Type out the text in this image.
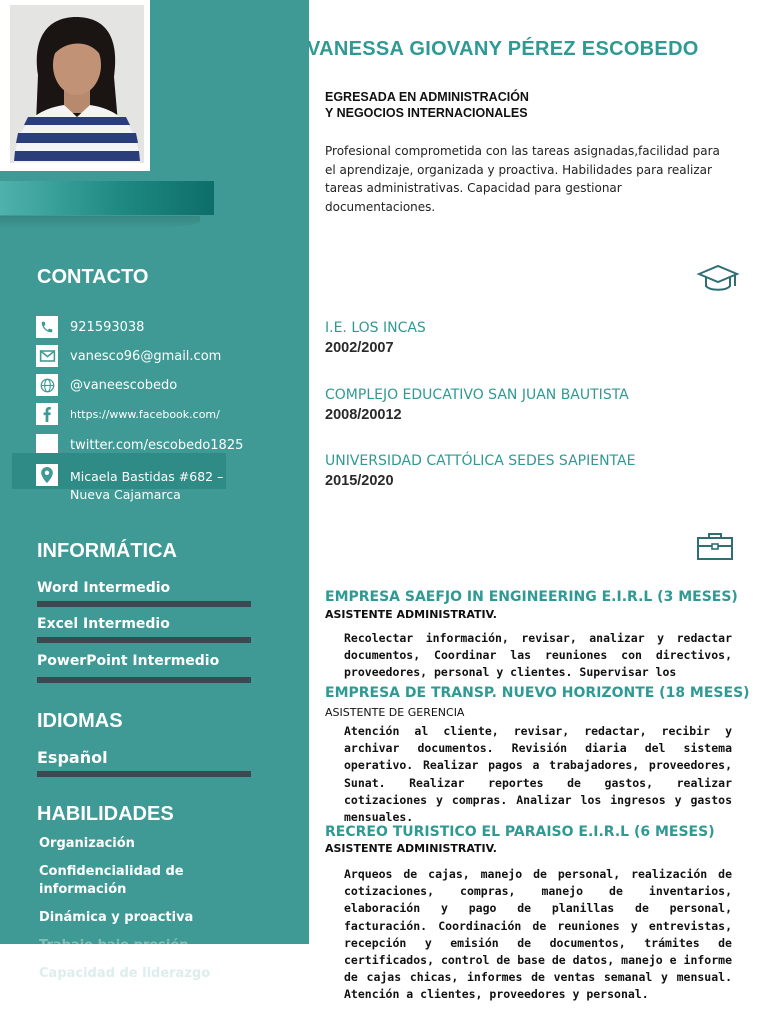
CONTACTO
921593038
vanesco96@gmail.com
@vaneescobedo
https://www.facebook.com/
twitter.com/escobedo1825
Micaela Bastidas #682 –
Nueva Cajamarca
INFORMÁTICA

Word Intermedio

Excel Intermedio

PowerPoint Intermedio

IDIOMAS

Español

HABILIDADES

Organización

Confidencialidad de información

Dinámica y proactiva

Trabajo bajo presión

Capacidad de liderazgo

VANESSA GIOVANY PÉREZ ESCOBEDO
EGRESADA EN ADMINISTRACIÓN
Y NEGOCIOS INTERNACIONALES

Profesional comprometida con las tareas asignadas,facilidad para el aprendizaje, organizada y proactiva. Habilidades para realizar tareas administrativas. Capacidad para gestionar documentaciones.

I.E. LOS INCAS

2002/2007

COMPLEJO EDUCATIVO SAN JUAN BAUTISTA

2008/20012

UNIVERSIDAD CATTÓLICA SEDES SAPIENTAE

2015/2020

EMPRESA SAEFJO IN ENGINEERING E.I.R.L (3 MESES)

ASISTENTE ADMINISTRATIV.

Recolectar información, revisar, analizar y redactar documentos, Coordinar las reuniones con directivos, proveedores, personal y clientes. Supervisar los

EMPRESA DE TRANSP. NUEVO HORIZONTE (18 MESES)

ASISTENTE DE GERENCIA

Atención al cliente, revisar, redactar, recibir y archivar documentos. Revisión diaria del sistema operativo. Realizar pagos a trabajadores, proveedores, Sunat. Realizar reportes de gastos, realizar cotizaciones y compras. Analizar los ingresos y gastos mensuales.

RECREO TURISTICO EL PARAISO E.I.R.L (6 MESES)

ASISTENTE ADMINISTRATIV.

Arqueos de cajas, manejo de personal, realización de cotizaciones, compras, manejo de inventarios, elaboración y pago de planillas de personal, facturación. Coordinación de reuniones y entrevistas, recepción y emisión de documentos, trámites de certificados, control de base de datos, manejo e informe de cajas chicas, informes de ventas semanal y mensual. Atención a clientes, proveedores y personal.
